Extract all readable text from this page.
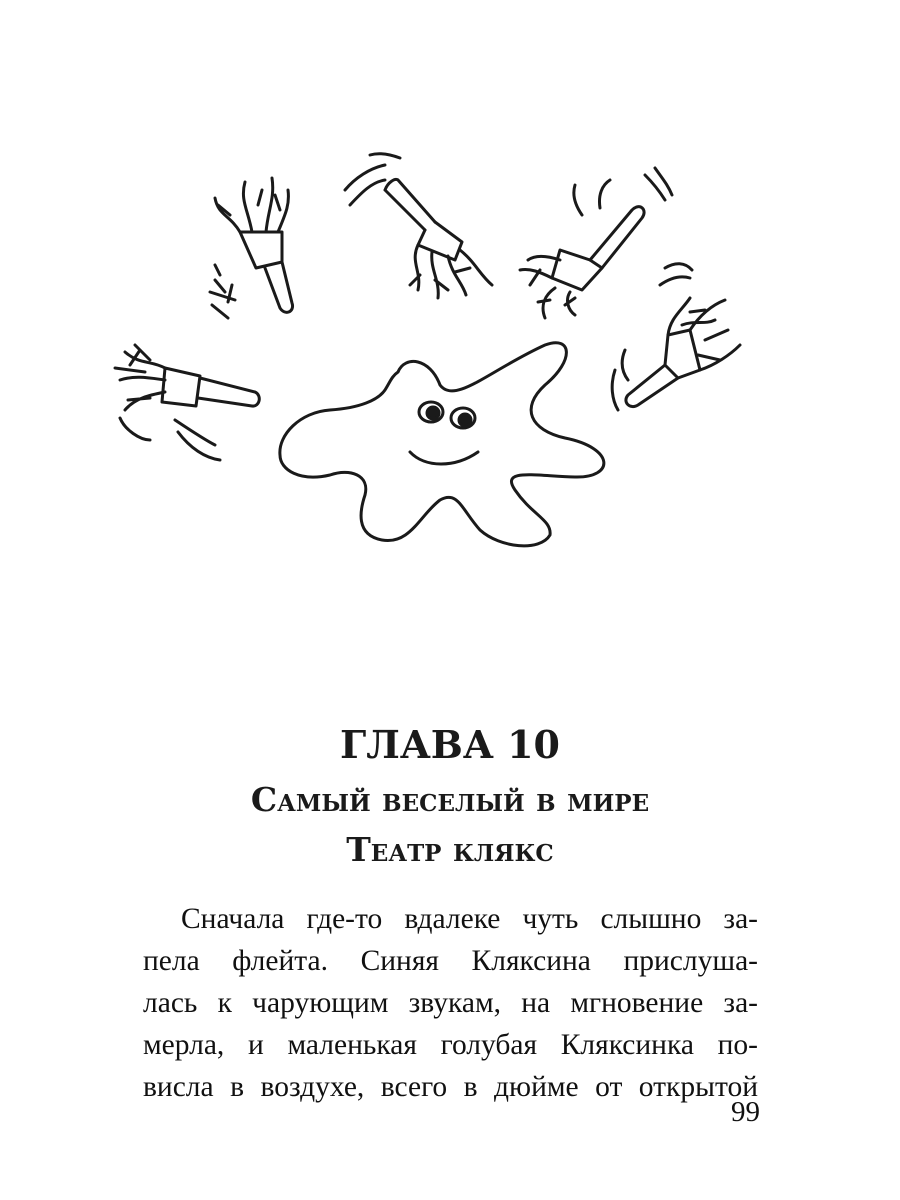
ГЛАВА 10
Самый веселый в мире
Театр клякс
Сначала где-то вдалеке чуть слышно за-
пела флейта. Синяя Кляксина прислуша-
лась к чарующим звукам, на мгновение за-
мерла, и маленькая голубая Кляксинка по-
висла в воздухе, всего в дюйме от открытой
99
